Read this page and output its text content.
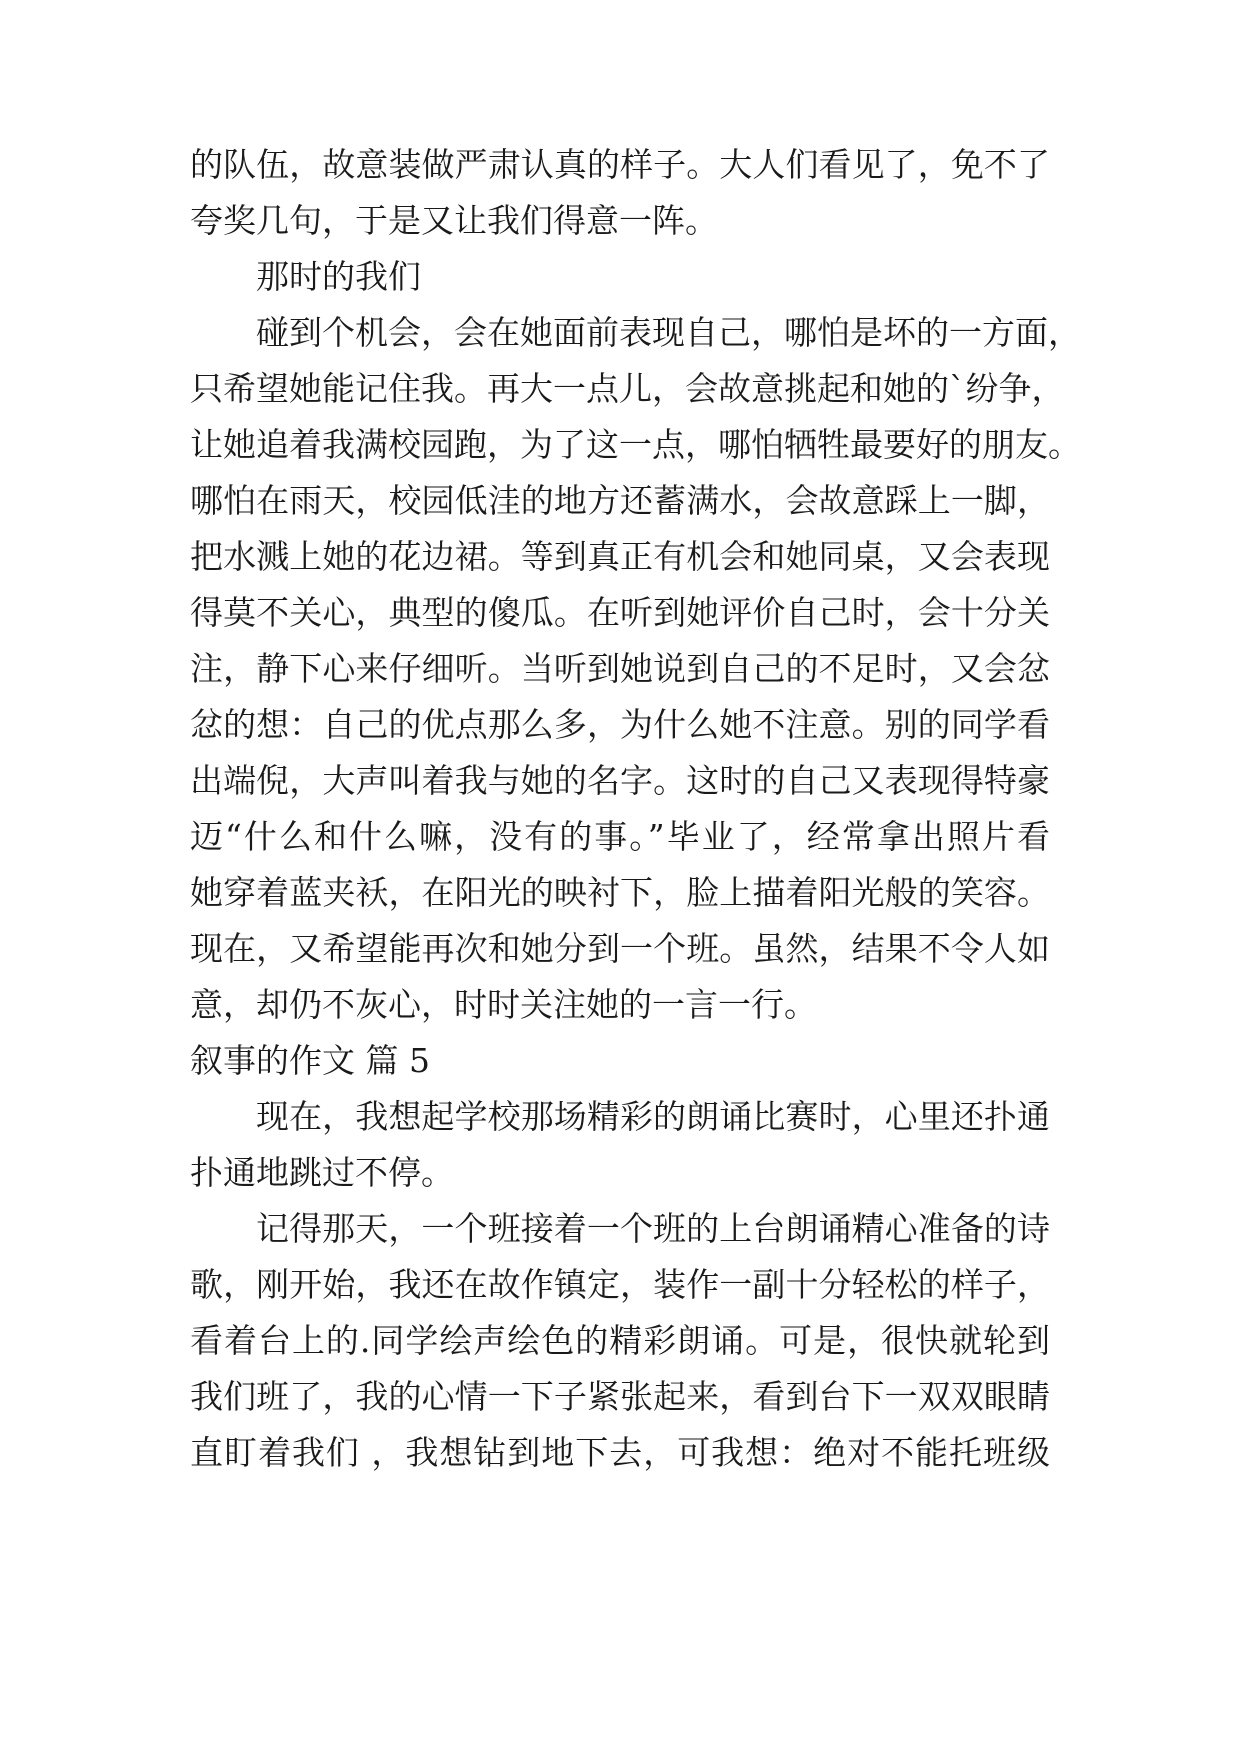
的队伍，故意装做严肃认真的样子。大人们看见了，免不了
夸奖几句，于是又让我们得意一阵。
那时的我们
碰到个机会，会在她面前表现自己，哪怕是坏的一方面，
只希望她能记住我。再大一点儿，会故意挑起和她的`纷争，
让她追着我满校园跑，为了这一点，哪怕牺牲最要好的朋友。
哪怕在雨天，校园低洼的地方还蓄满水，会故意踩上一脚，
把水溅上她的花边裙。等到真正有机会和她同桌，又会表现
得莫不关心，典型的傻瓜。在听到她评价自己时，会十分关
注，静下心来仔细听。当听到她说到自己的不足时，又会忿
忿的想：自己的优点那么多，为什么她不注意。别的同学看
出端倪，大声叫着我与她的名字。这时的自己又表现得特豪
迈“什么和什么嘛，没有的事。”毕业了，经常拿出照片看
她穿着蓝夹袄，在阳光的映衬下，脸上描着阳光般的笑容。
现在，又希望能再次和她分到一个班。虽然，结果不令人如
意，却仍不灰心，时时关注她的一言一行。
叙事的作文 篇 5
现在，我想起学校那场精彩的朗诵比赛时，心里还扑通
扑通地跳过不停。
记得那天，一个班接着一个班的上台朗诵精心准备的诗
歌，刚开始，我还在故作镇定，装作一副十分轻松的样子，
看着台上的.同学绘声绘色的精彩朗诵。可是，很快就轮到
我们班了，我的心情一下子紧张起来，看到台下一双双眼睛
直盯着我们 ，我想钻到地下去，可我想：绝对不能托班级
